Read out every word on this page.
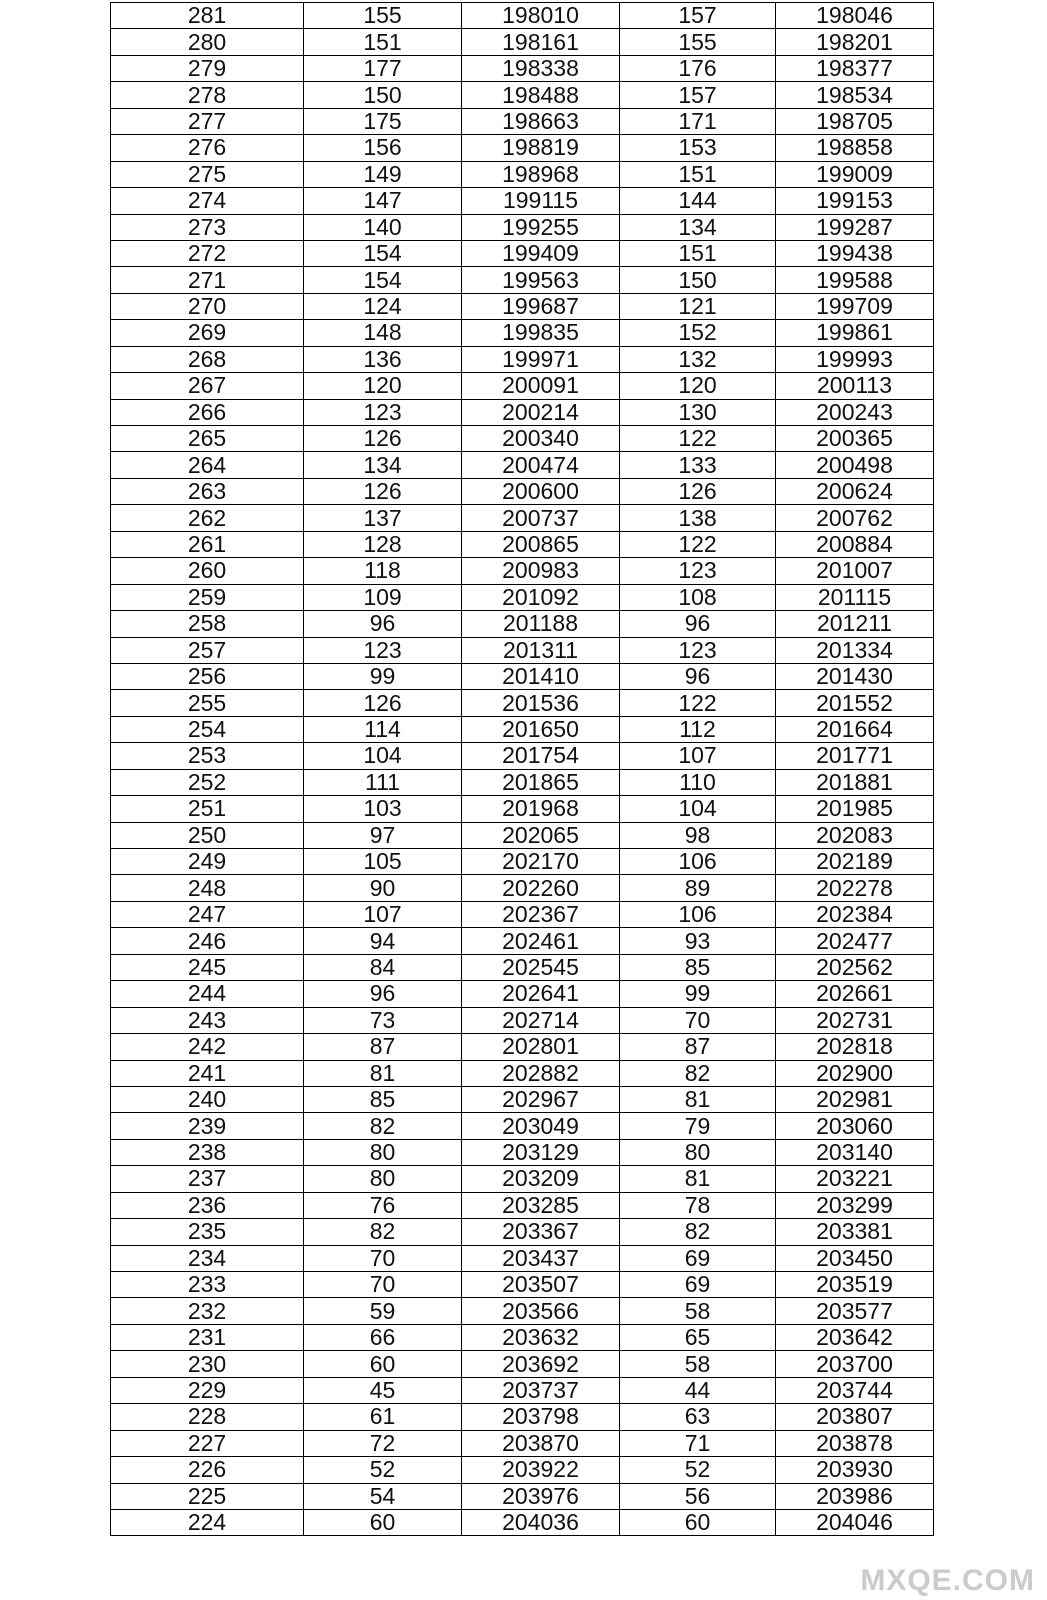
281	155	198010	157	198046
280	151	198161	155	198201
279	177	198338	176	198377
278	150	198488	157	198534
277	175	198663	171	198705
276	156	198819	153	198858
275	149	198968	151	199009
274	147	199115	144	199153
273	140	199255	134	199287
272	154	199409	151	199438
271	154	199563	150	199588
270	124	199687	121	199709
269	148	199835	152	199861
268	136	199971	132	199993
267	120	200091	120	200113
266	123	200214	130	200243
265	126	200340	122	200365
264	134	200474	133	200498
263	126	200600	126	200624
262	137	200737	138	200762
261	128	200865	122	200884
260	118	200983	123	201007
259	109	201092	108	201115
258	96	201188	96	201211
257	123	201311	123	201334
256	99	201410	96	201430
255	126	201536	122	201552
254	114	201650	112	201664
253	104	201754	107	201771
252	111	201865	110	201881
251	103	201968	104	201985
250	97	202065	98	202083
249	105	202170	106	202189
248	90	202260	89	202278
247	107	202367	106	202384
246	94	202461	93	202477
245	84	202545	85	202562
244	96	202641	99	202661
243	73	202714	70	202731
242	87	202801	87	202818
241	81	202882	82	202900
240	85	202967	81	202981
239	82	203049	79	203060
238	80	203129	80	203140
237	80	203209	81	203221
236	76	203285	78	203299
235	82	203367	82	203381
234	70	203437	69	203450
233	70	203507	69	203519
232	59	203566	58	203577
231	66	203632	65	203642
230	60	203692	58	203700
229	45	203737	44	203744
228	61	203798	63	203807
227	72	203870	71	203878
226	52	203922	52	203930
225	54	203976	56	203986
224	60	204036	60	204046
MXQE.COM
